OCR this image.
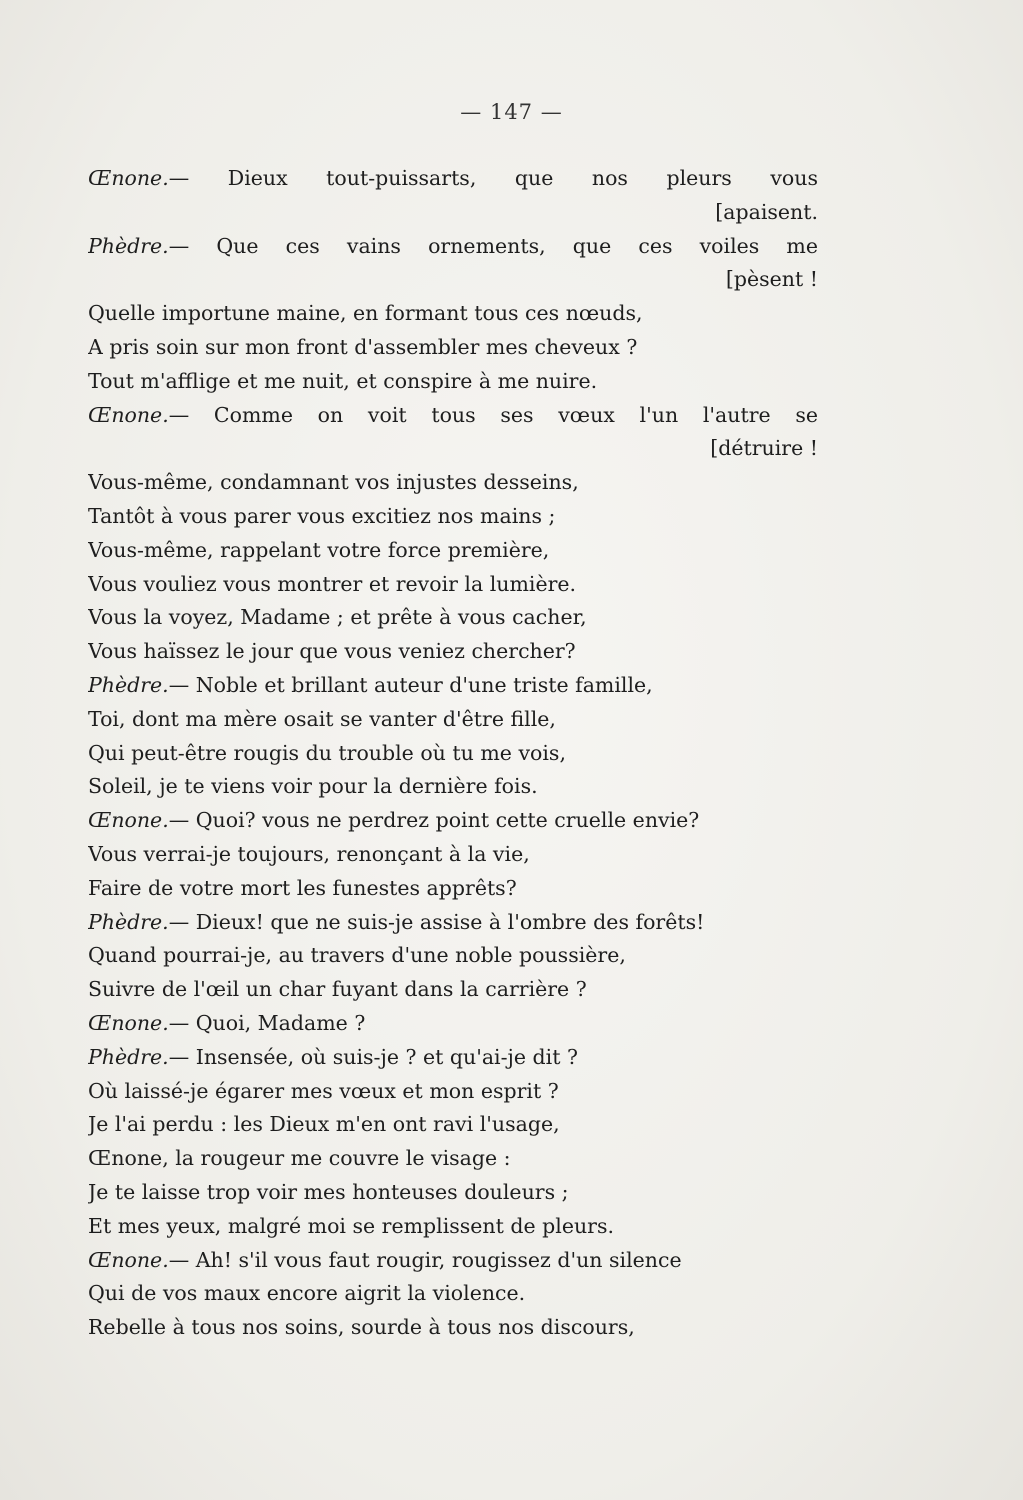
— 147 —
Œnone.— Dieux tout-puissarts, que nos pleurs vous
[apaisent.
Phèdre.— Que ces vains ornements, que ces voiles me
[pèsent !
Quelle importune maine, en formant tous ces nœuds,
A pris soin sur mon front d'assembler mes cheveux ?
Tout m'afflige et me nuit, et conspire à me nuire.
Œnone.— Comme on voit tous ses vœux l'un l'autre se
[détruire !
Vous-même, condamnant vos injustes desseins,
Tantôt à vous parer vous excitiez nos mains ;
Vous-même, rappelant votre force première,
Vous vouliez vous montrer et revoir la lumière.
Vous la voyez, Madame ; et prête à vous cacher,
Vous haïssez le jour que vous veniez chercher?
Phèdre.— Noble et brillant auteur d'une triste famille,
Toi, dont ma mère osait se vanter d'être fille,
Qui peut-être rougis du trouble où tu me vois,
Soleil, je te viens voir pour la dernière fois.
Œnone.— Quoi? vous ne perdrez point cette cruelle envie?
Vous verrai-je toujours, renonçant à la vie,
Faire de votre mort les funestes apprêts?
Phèdre.— Dieux! que ne suis-je assise à l'ombre des forêts!
Quand pourrai-je, au travers d'une noble poussière,
Suivre de l'œil un char fuyant dans la carrière ?
Œnone.— Quoi, Madame ?
Phèdre.— Insensée, où suis-je ? et qu'ai-je dit ?
Où laissé-je égarer mes vœux et mon esprit ?
Je l'ai perdu : les Dieux m'en ont ravi l'usage,
Œnone, la rougeur me couvre le visage :
Je te laisse trop voir mes honteuses douleurs ;
Et mes yeux, malgré moi se remplissent de pleurs.
Œnone.— Ah! s'il vous faut rougir, rougissez d'un silence
Qui de vos maux encore aigrit la violence.
Rebelle à tous nos soins, sourde à tous nos discours,
